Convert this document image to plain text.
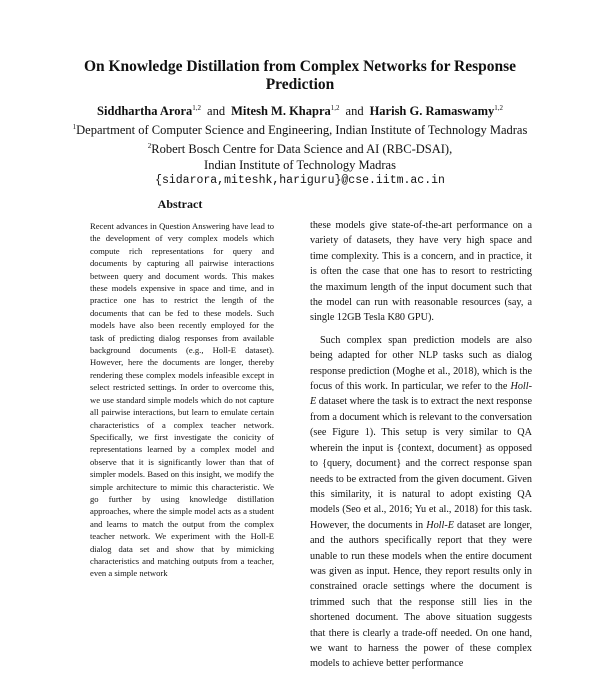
On Knowledge Distillation from Complex Networks for Response Prediction
Siddhartha Arora$^{1,2}$ and Mitesh M. Khapra$^{1,2}$ and Harish G. Ramaswamy$^{1,2}$
$^1$Department of Computer Science and Engineering, Indian Institute of Technology Madras
$^2$Robert Bosch Centre for Data Science and AI (RBC-DSAI),
Indian Institute of Technology Madras
{sidarora,miteshk,hariguru}@cse.iitm.ac.in
Abstract
Recent advances in Question Answering have lead to the development of very complex models which compute rich representations for query and documents by capturing all pairwise interactions between query and document words. This makes these models expensive in space and time, and in practice one has to restrict the length of the documents that can be fed to these models. Such models have also been recently employed for the task of predicting dialog responses from available background documents (e.g., Holl-E dataset). However, here the documents are longer, thereby rendering these complex models infeasible except in select restricted settings. In order to overcome this, we use standard simple models which do not capture all pairwise interactions, but learn to emulate certain characteristics of a complex teacher network. Specifically, we first investigate the conicity of representations learned by a complex model and observe that it is significantly lower than that of simpler models. Based on this insight, we modify the simple architecture to mimic this characteristic. We go further by using knowledge distillation approaches, where the simple model acts as a student and learns to match the output from the complex teacher network. We experiment with the Holl-E dialog data set and show that by mimicking characteristics and matching outputs from a teacher, even a simple network

these models give state-of-the-art performance on a variety of datasets, they have very high space and time complexity. This is a concern, and in practice, it is often the case that one has to resort to restricting the maximum length of the input document such that the model can run with reasonable resources (say, a single 12GB Tesla K80 GPU).

Such complex span prediction models are also being adapted for other NLP tasks such as dialog response prediction (Moghe et al., 2018), which is the focus of this work. In particular, we refer to the Holl-E dataset where the task is to extract the next response from a document which is relevant to the conversation (see Figure 1). This setup is very similar to QA wherein the input is {context, document} as opposed to {query, document} and the correct response span needs to be extracted from the given document. Given this similarity, it is natural to adopt existing QA models (Seo et al., 2016; Yu et al., 2018) for this task. However, the documents in Holl-E dataset are longer, and the authors specifically report that they were unable to run these models when the entire document was given as input. Hence, they report results only in constrained oracle settings where the document is trimmed such that the response still lies in the shortened document. The above situation suggests that there is clearly a trade-off needed. On one hand, we want to harness the power of these complex models to achieve better performance
